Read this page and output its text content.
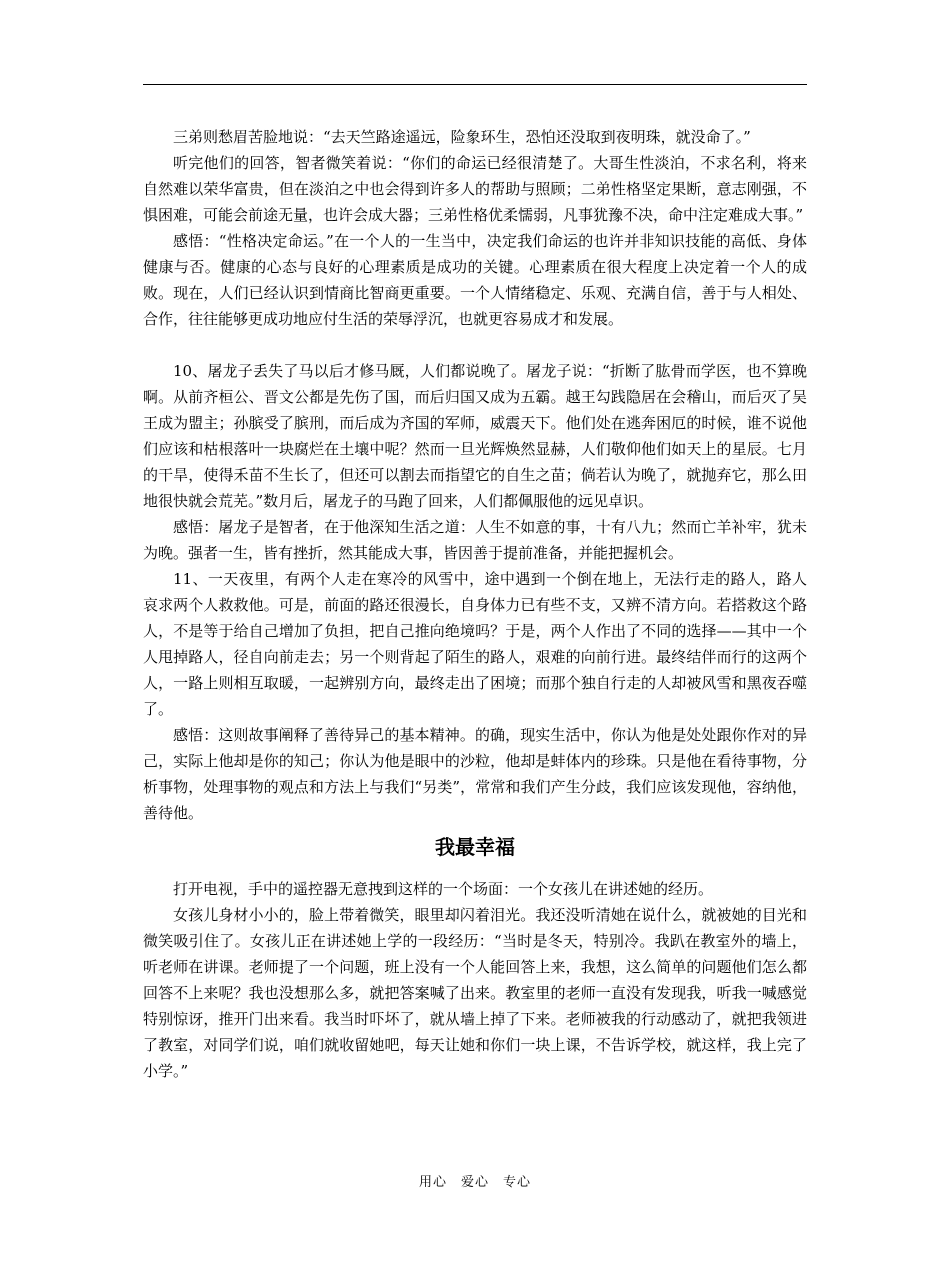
三弟则愁眉苦脸地说：“去天竺路途遥远，险象环生，恐怕还没取到夜明珠，就没命了。”

听完他们的回答，智者微笑着说：“你们的命运已经很清楚了。大哥生性淡泊，不求名利，将来自然难以荣华富贵，但在淡泊之中也会得到许多人的帮助与照顾；二弟性格坚定果断，意志刚强，不惧困难，可能会前途无量，也许会成大器；三弟性格优柔懦弱，凡事犹豫不决，命中注定难成大事。”

感悟：“性格决定命运。”在一个人的一生当中，决定我们命运的也许并非知识技能的高低、身体健康与否。健康的心态与良好的心理素质是成功的关键。心理素质在很大程度上决定着一个人的成败。现在，人们已经认识到情商比智商更重要。一个人情绪稳定、乐观、充满自信，善于与人相处、合作，往往能够更成功地应付生活的荣辱浮沉，也就更容易成才和发展。

10、屠龙子丢失了马以后才修马厩，人们都说晚了。屠龙子说：“折断了肱骨而学医，也不算晚啊。从前齐桓公、晋文公都是先伤了国，而后归国又成为五霸。越王勾践隐居在会稽山，而后灭了吴王成为盟主；孙膑受了膑刑，而后成为齐国的军师，威震天下。他们处在逃奔困厄的时候，谁不说他们应该和枯根落叶一块腐烂在土壤中呢？然而一旦光辉焕然显赫，人们敬仰他们如天上的星辰。七月的干旱，使得禾苗不生长了，但还可以割去而指望它的自生之苗；倘若认为晚了，就抛弃它，那么田地很快就会荒芜。”数月后，屠龙子的马跑了回来，人们都佩服他的远见卓识。

感悟：屠龙子是智者，在于他深知生活之道：人生不如意的事，十有八九；然而亡羊补牢，犹未为晚。强者一生，皆有挫折，然其能成大事，皆因善于提前准备，并能把握机会。

11、一天夜里，有两个人走在寒冷的风雪中，途中遇到一个倒在地上，无法行走的路人，路人哀求两个人救救他。可是，前面的路还很漫长，自身体力已有些不支，又辨不清方向。若搭救这个路人，不是等于给自己增加了负担，把自己推向绝境吗？于是，两个人作出了不同的选择——其中一个人甩掉路人，径自向前走去；另一个则背起了陌生的路人，艰难的向前行进。最终结伴而行的这两个人，一路上则相互取暖，一起辨别方向，最终走出了困境；而那个独自行走的人却被风雪和黑夜吞噬了。

感悟：这则故事阐释了善待异己的基本精神。的确，现实生活中，你认为他是处处跟你作对的异己，实际上他却是你的知己；你认为他是眼中的沙粒，他却是蚌体内的珍珠。只是他在看待事物，分析事物，处理事物的观点和方法上与我们“另类”，常常和我们产生分歧，我们应该发现他，容纳他，善待他。

我最幸福

打开电视，手中的遥控器无意拽到这样的一个场面：一个女孩儿在讲述她的经历。

女孩儿身材小小的，脸上带着微笑，眼里却闪着泪光。我还没听清她在说什么，就被她的目光和微笑吸引住了。女孩儿正在讲述她上学的一段经历：“当时是冬天，特别冷。我趴在教室外的墙上，听老师在讲课。老师提了一个问题，班上没有一个人能回答上来，我想，这么简单的问题他们怎么都回答不上来呢？我也没想那么多，就把答案喊了出来。教室里的老师一直没有发现我，听我一喊感觉特别惊讶，推开门出来看。我当时吓坏了，就从墙上掉了下来。老师被我的行动感动了，就把我领进了教室，对同学们说，咱们就收留她吧，每天让她和你们一块上课，不告诉学校，就这样，我上完了小学。”

用心　爱心　专心
